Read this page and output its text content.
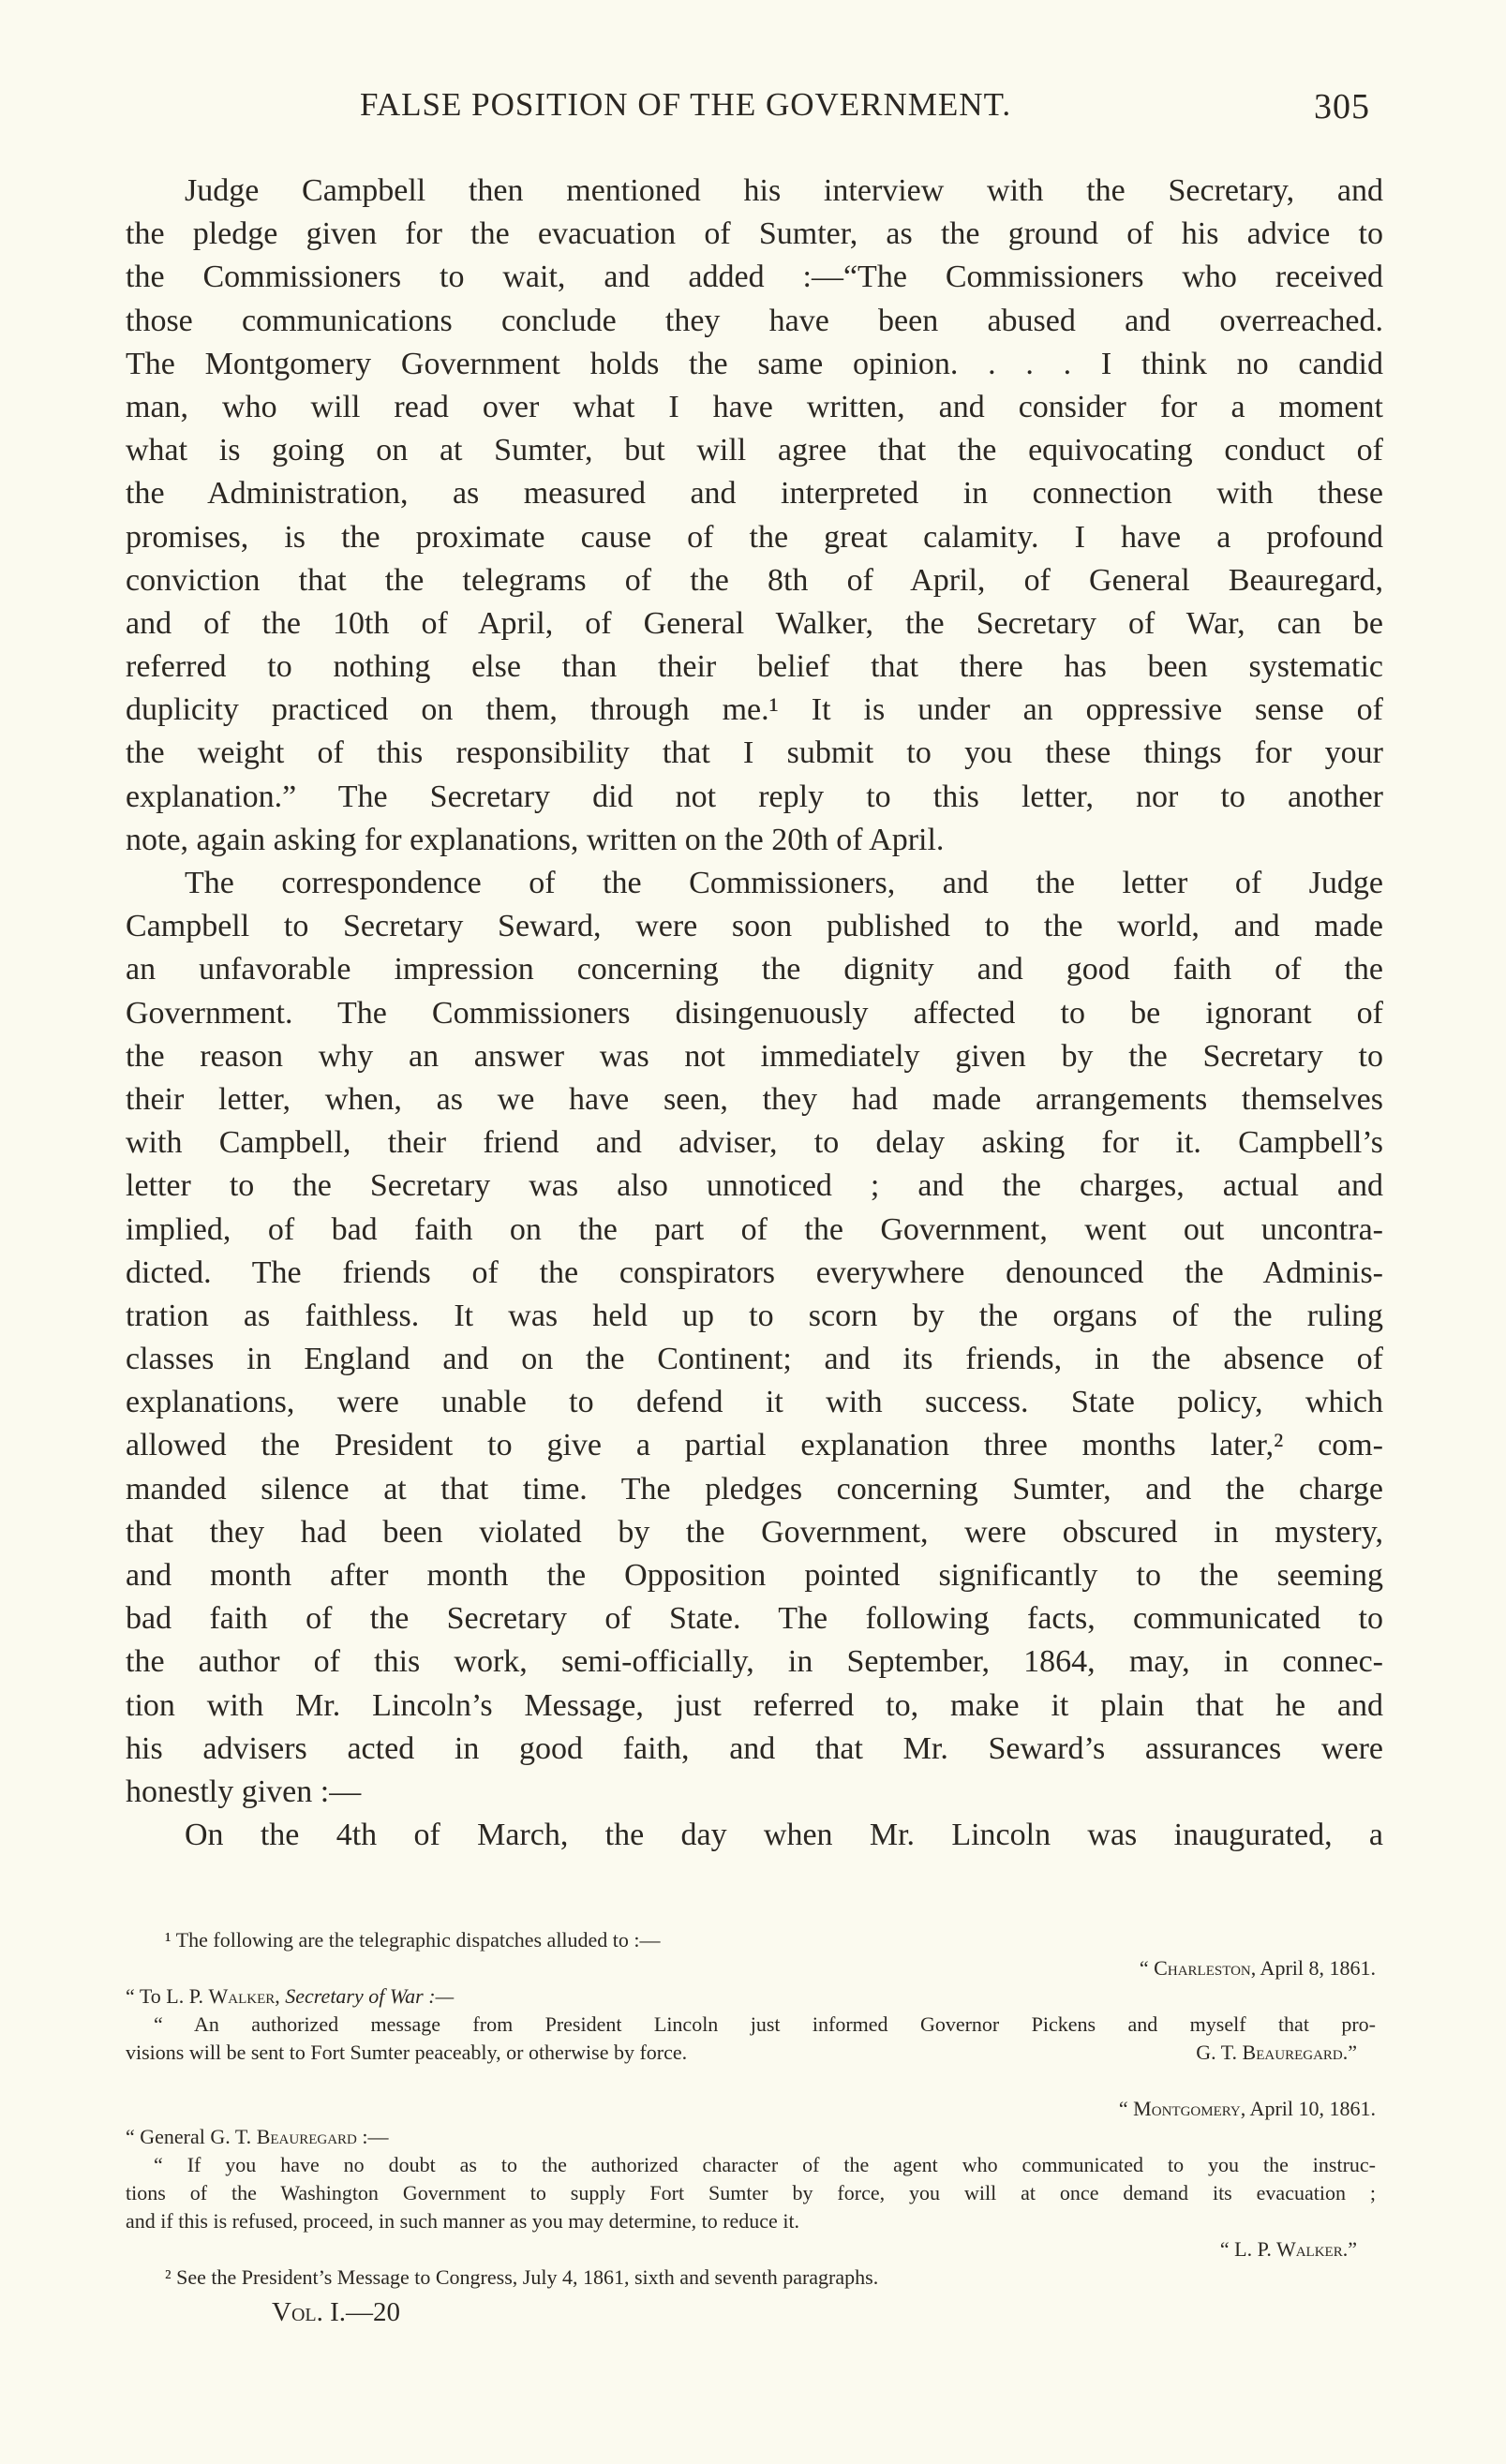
FALSE POSITION OF THE GOVERNMENT.	305
Judge Campbell then mentioned his interview with the Secretary, and
the pledge given for the evacuation of Sumter, as the ground of his advice to
the Commissioners to wait, and added :—“The Commissioners who received
those communications conclude they have been abused and overreached.
The Montgomery Government holds the same opinion. . . . I think no candid
man, who will read over what I have written, and consider for a moment
what is going on at Sumter, but will agree that the equivocating conduct of
the Administration, as measured and interpreted in connection with these
promises, is the proximate cause of the great calamity. I have a profound
conviction that the telegrams of the 8th of April, of General Beauregard,
and of the 10th of April, of General Walker, the Secretary of War, can be
referred to nothing else than their belief that there has been systematic
duplicity practiced on them, through me.¹ It is under an oppressive sense of
the weight of this responsibility that I submit to you these things for your
explanation.” The Secretary did not reply to this letter, nor to another
note, again asking for explanations, written on the 20th of April.
The correspondence of the Commissioners, and the letter of Judge
Campbell to Secretary Seward, were soon published to the world, and made
an unfavorable impression concerning the dignity and good faith of the
Government. The Commissioners disingenuously affected to be ignorant of
the reason why an answer was not immediately given by the Secretary to
their letter, when, as we have seen, they had made arrangements themselves
with Campbell, their friend and adviser, to delay asking for it. Campbell’s
letter to the Secretary was also unnoticed ; and the charges, actual and
implied, of bad faith on the part of the Government, went out uncontra-
dicted. The friends of the conspirators everywhere denounced the Adminis-
tration as faithless. It was held up to scorn by the organs of the ruling
classes in England and on the Continent; and its friends, in the absence of
explanations, were unable to defend it with success. State policy, which
allowed the President to give a partial explanation three months later,² com-
manded silence at that time. The pledges concerning Sumter, and the charge
that they had been violated by the Government, were obscured in mystery,
and month after month the Opposition pointed significantly to the seeming
bad faith of the Secretary of State. The following facts, communicated to
the author of this work, semi-officially, in September, 1864, may, in connec-
tion with Mr. Lincoln’s Message, just referred to, make it plain that he and
his advisers acted in good faith, and that Mr. Seward’s assurances were
honestly given :—
On the 4th of March, the day when Mr. Lincoln was inaugurated, a
¹ The following are the telegraphic dispatches alluded to :—
“ Charleston, April 8, 1861.
“ To L. P. Walker, Secretary of War :—
“ An authorized message from President Lincoln just informed Governor Pickens and myself that pro-
visions will be sent to Fort Sumter peaceably, or otherwise by force.	G. T. Beauregard.”
“ Montgomery, April 10, 1861.
“ General G. T. Beauregard :—
“ If you have no doubt as to the authorized character of the agent who communicated to you the instruc-
tions of the Washington Government to supply Fort Sumter by force, you will at once demand its evacuation ;
and if this is refused, proceed, in such manner as you may determine, to reduce it.
“ L. P. Walker.”
² See the President’s Message to Congress, July 4, 1861, sixth and seventh paragraphs.
Vol. I.—20
